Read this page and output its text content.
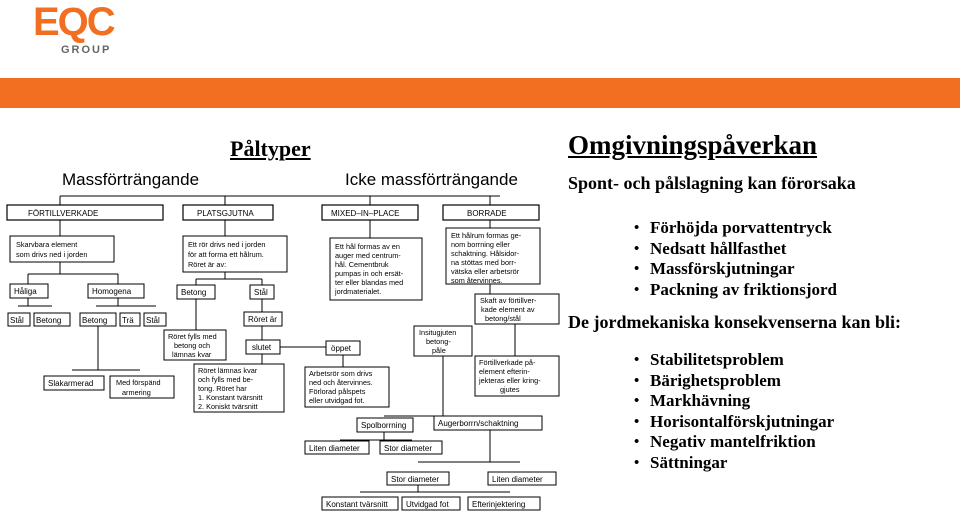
EQC
GROUP
Påltyper	Omgivningspåverkan
Spont- och pålslagning kan förorsaka
• Förhöjda porvattentryck
• Nedsatt hållfasthet
• Massförskjutningar
• Packning av friktionsjord
De jordmekaniska konsekvenserna kan bli:
• Stabilitetsproblem
• Bärighetsproblem
• Markhävning
• Horisontalförskjutningar
• Negativ mantelfriktion
• Sättningar
Massförträngande	Icke massförträngande
FÖRTILLVERKADE	PLATSGJUTNA	MIXED–IN–PLACE	BORRADE
Skarvbara element
som drivs ned i jorden
Ett rör drivs ned i jorden
för att forma ett hålrum.
Röret är av:
Ett hål formas av en
auger med centrum-
hål. Cementbruk
pumpas in och ersät-
ter eller blandas med
jordmaterialet.
Ett hålrum formas ge-
nom borrning eller
schaktning. Hålsidor-
na stöttas med borr-
vätska eller arbetsrör
som återvinnes.
Håliga	Homogena
Stål Betong	Betong Trä Stål
Slakarmerad	Med förspänd
armering
Betong	Stål
Röret är
Röret fylls med
betong och
lämnas kvar
slutet
Röret lämnas kvar
och fylls med be-
tong. Röret har
1. Konstant tvärsnitt
2. Koniskt tvärsnitt
öppet
Arbetsrör som drivs
ned och återvinnes.
Förlorad pålspets
eller utvidgad fot.
Skaft av förtillver-
kade element av
betong/stål
Insitugjuten
betong-
påle
Förtillverkade på-
element efterin-
jekteras eller kring-
gjutes
Spolborrning	Augerborrn/schaktning
Liten diameter	Stor diameter
Stor diameter	Liten diameter
Konstant tvärsnitt Utvidgad fot	Efterinjektering
